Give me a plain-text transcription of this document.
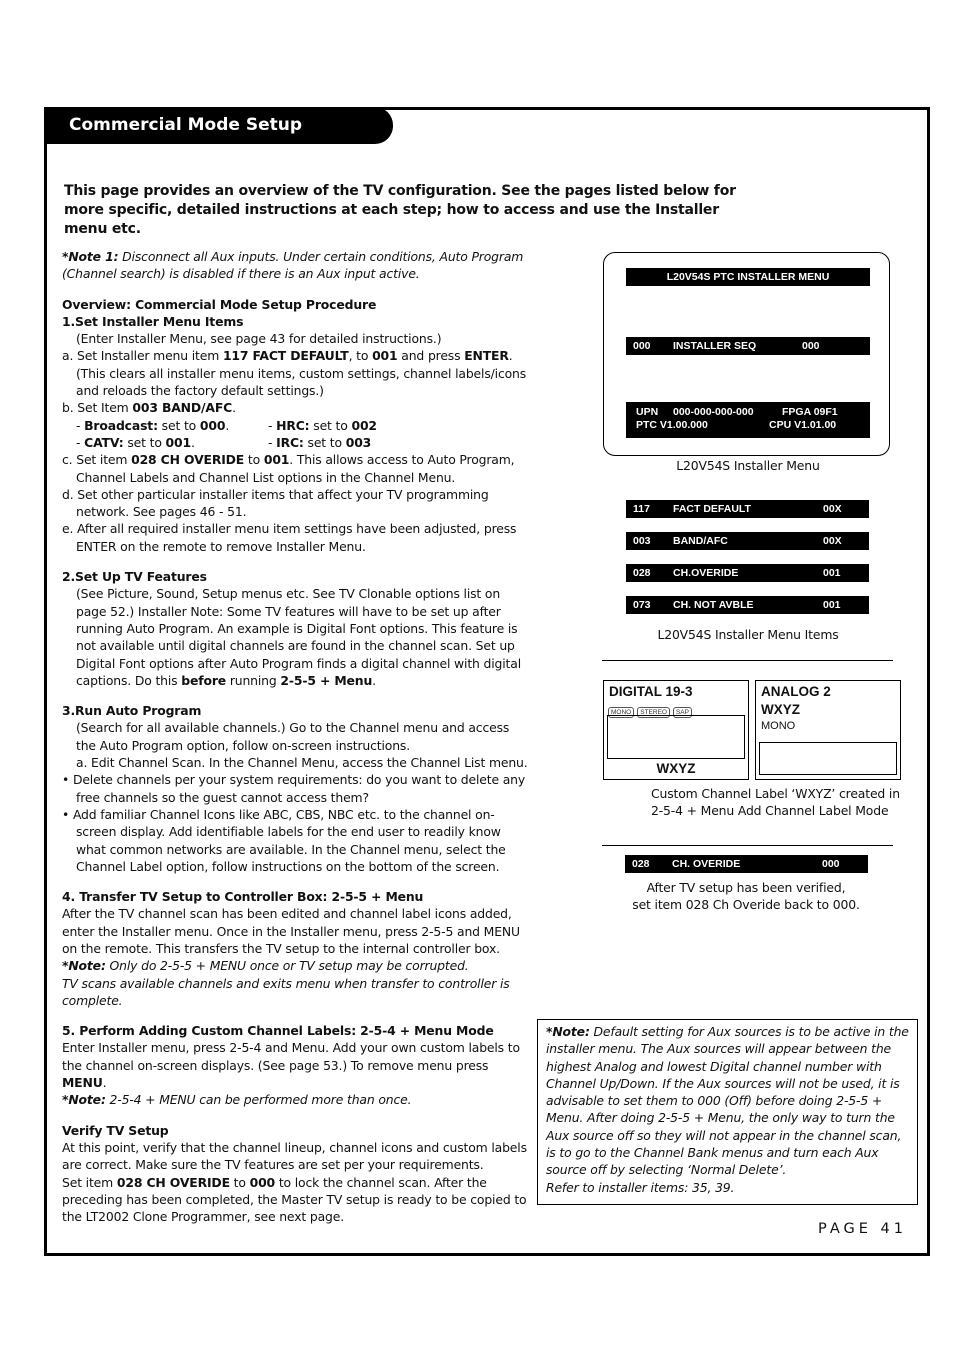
Commercial Mode Setup
This page provides an overview of the TV configuration. See the pages listed below for more specific, detailed instructions at each step; how to access and use the Installer menu etc.

*Note 1: Disconnect all Aux inputs. Under certain conditions, Auto Program (Channel search) is disabled if there is an Aux input active.

Overview: Commercial Mode Setup Procedure

1.Set Installer Menu Items

(Enter Installer Menu, see page 43 for detailed instructions.)

a. Set Installer menu item 117 FACT DEFAULT, to 001 and press ENTER.

(This clears all installer menu items, custom settings, channel labels/icons and reloads the factory default settings.)

b. Set Item 003 BAND/AFC.

- Broadcast: set to 000.	- HRC: set to 002

- CATV: set to 001.	- IRC: set to 003

c. Set item 028 CH OVERIDE to 001. This allows access to Auto Program, Channel Labels and Channel List options in the Channel Menu.

d. Set other particular installer items that affect your TV programming network. See pages 46 - 51.

e. After all required installer menu item settings have been adjusted, press ENTER on the remote to remove Installer Menu.

2.Set Up TV Features

(See Picture, Sound, Setup menus etc. See TV Clonable options list on page 52.) Installer Note: Some TV features will have to be set up after running Auto Program. An example is Digital Font options. This feature is not available until digital channels are found in the channel scan. Set up Digital Font options after Auto Program finds a digital channel with digital captions. Do this before running 2-5-5 + Menu.

3.Run Auto Program

(Search for all available channels.) Go to the Channel menu and access the Auto Program option, follow on-screen instructions.

a. Edit Channel Scan. In the Channel Menu, access the Channel List menu.

• Delete channels per your system requirements: do you want to delete any free channels so the guest cannot access them?

• Add familiar Channel Icons like ABC, CBS, NBC etc. to the channel on-screen display. Add identifiable labels for the end user to readily know what common networks are available. In the Channel menu, select the Channel Label option, follow instructions on the bottom of the screen.

4. Transfer TV Setup to Controller Box: 2-5-5 + Menu

After the TV channel scan has been edited and channel label icons added, enter the Installer menu. Once in the Installer menu, press 2-5-5 and MENU on the remote. This transfers the TV setup to the internal controller box.

*Note: Only do 2-5-5 + MENU once or TV setup may be corrupted.

TV scans available channels and exits menu when transfer to controller is complete.

5. Perform Adding Custom Channel Labels: 2-5-4 + Menu Mode

Enter Installer menu, press 2-5-4 and Menu. Add your own custom labels to the channel on-screen displays. (See page 53.) To remove menu press MENU.

*Note: 2-5-4 + MENU can be performed more than once.

Verify TV Setup

At this point, verify that the channel lineup, channel icons and custom labels are correct. Make sure the TV features are set per your requirements.

Set item 028 CH OVERIDE to 000 to lock the channel scan. After the preceding has been completed, the Master TV setup is ready to be copied to the LT2002 Clone Programmer, see next page.

L20V54S PTC INSTALLER MENU
000 INSTALLER SEQ	000
UPN 000-000-000-000	FPGA 09F1
PTC V1.00.000	CPU V1.01.00
L20V54S Installer Menu
117 FACT DEFAULT	00X
003 BAND/AFC	00X
028 CH.OVERIDE	001
073 CH. NOT AVBLE	001
L20V54S Installer Menu Items
DIGITAL 19-3
MONO STEREO SAP
WXYZ
ANALOG 2
WXYZ
MONO
Custom Channel Label ‘WXYZ’ created in
2-5-4 + Menu Add Channel Label Mode
028 CH. OVERIDE	000
After TV setup has been verified,
set item 028 Ch Overide back to 000.
*Note: Default setting for Aux sources is to be active in the installer menu. The Aux sources will appear between the highest Analog and lowest Digital channel number with Channel Up/Down. If the Aux sources will not be used, it is advisable to set them to 000 (Off) before doing 2-5-5 + Menu. After doing 2-5-5 + Menu, the only way to turn the Aux source off so they will not appear in the channel scan, is to go to the Channel Bank menus and turn each Aux source off by selecting ‘Normal Delete’.
Refer to installer items: 35, 39.
PAGE 41
